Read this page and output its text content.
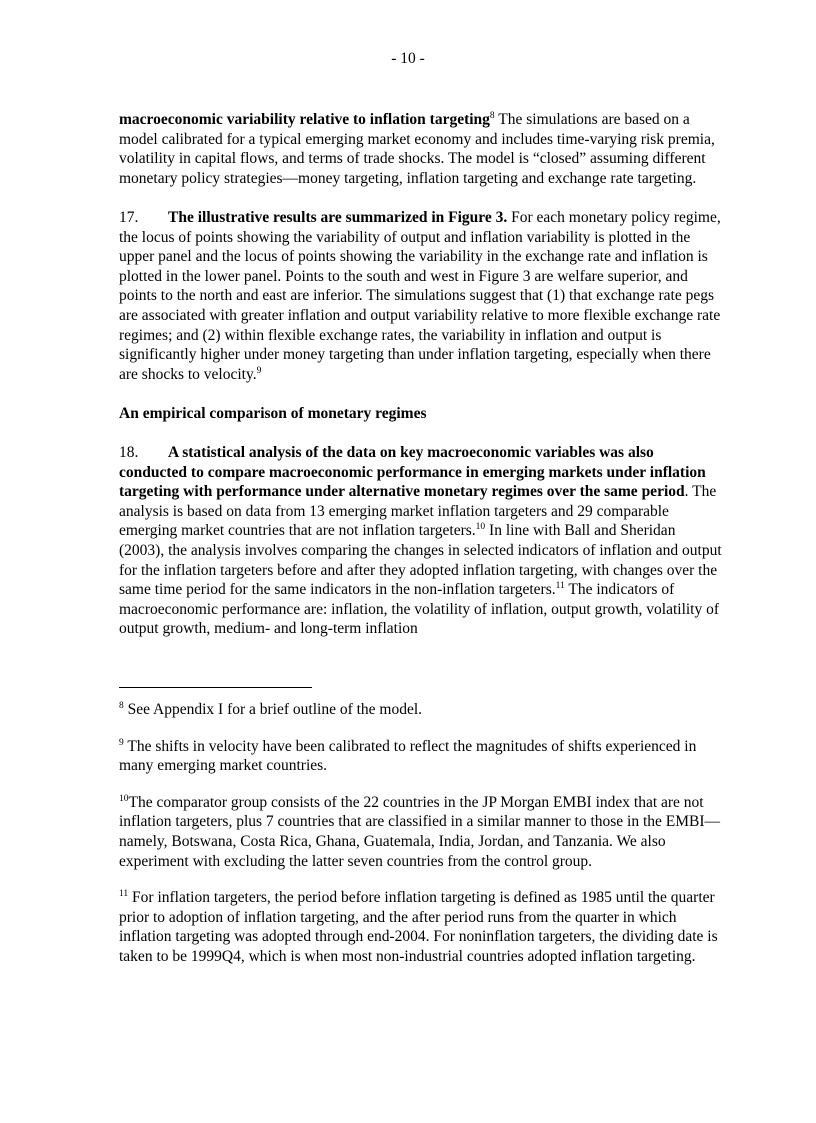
- 10 -

macroeconomic variability relative to inflation targeting$^8$ The simulations are based on a model calibrated for a typical emerging market economy and includes time-varying risk premia, volatility in capital flows, and terms of trade shocks. The model is “closed” assuming different monetary policy strategies—money targeting, inflation targeting and exchange rate targeting.

17. The illustrative results are summarized in Figure 3. For each monetary policy regime, the locus of points showing the variability of output and inflation variability is plotted in the upper panel and the locus of points showing the variability in the exchange rate and inflation is plotted in the lower panel. Points to the south and west in Figure 3 are welfare superior, and points to the north and east are inferior. The simulations suggest that (1) that exchange rate pegs are associated with greater inflation and output variability relative to more flexible exchange rate regimes; and (2) within flexible exchange rates, the variability in inflation and output is significantly higher under money targeting than under inflation targeting, especially when there are shocks to velocity.$^9$

An empirical comparison of monetary regimes

18. A statistical analysis of the data on key macroeconomic variables was also conducted to compare macroeconomic performance in emerging markets under inflation targeting with performance under alternative monetary regimes over the same period. The analysis is based on data from 13 emerging market inflation targeters and 29 comparable emerging market countries that are not inflation targeters.$^{10}$ In line with Ball and Sheridan (2003), the analysis involves comparing the changes in selected indicators of inflation and output for the inflation targeters before and after they adopted inflation targeting, with changes over the same time period for the same indicators in the non-inflation targeters.$^{11}$ The indicators of macroeconomic performance are: inflation, the volatility of inflation, output growth, volatility of output growth, medium- and long-term inflation

$^8$ See Appendix I for a brief outline of the model.
$^9$ The shifts in velocity have been calibrated to reflect the magnitudes of shifts experienced in many emerging market countries.
$^{10}$The comparator group consists of the 22 countries in the JP Morgan EMBI index that are not inflation targeters, plus 7 countries that are classified in a similar manner to those in the EMBI—namely, Botswana, Costa Rica, Ghana, Guatemala, India, Jordan, and Tanzania. We also experiment with excluding the latter seven countries from the control group.
$^{11}$ For inflation targeters, the period before inflation targeting is defined as 1985 until the quarter prior to adoption of inflation targeting, and the after period runs from the quarter in which inflation targeting was adopted through end-2004. For noninflation targeters, the dividing date is taken to be 1999Q4, which is when most non-industrial countries adopted inflation targeting.
